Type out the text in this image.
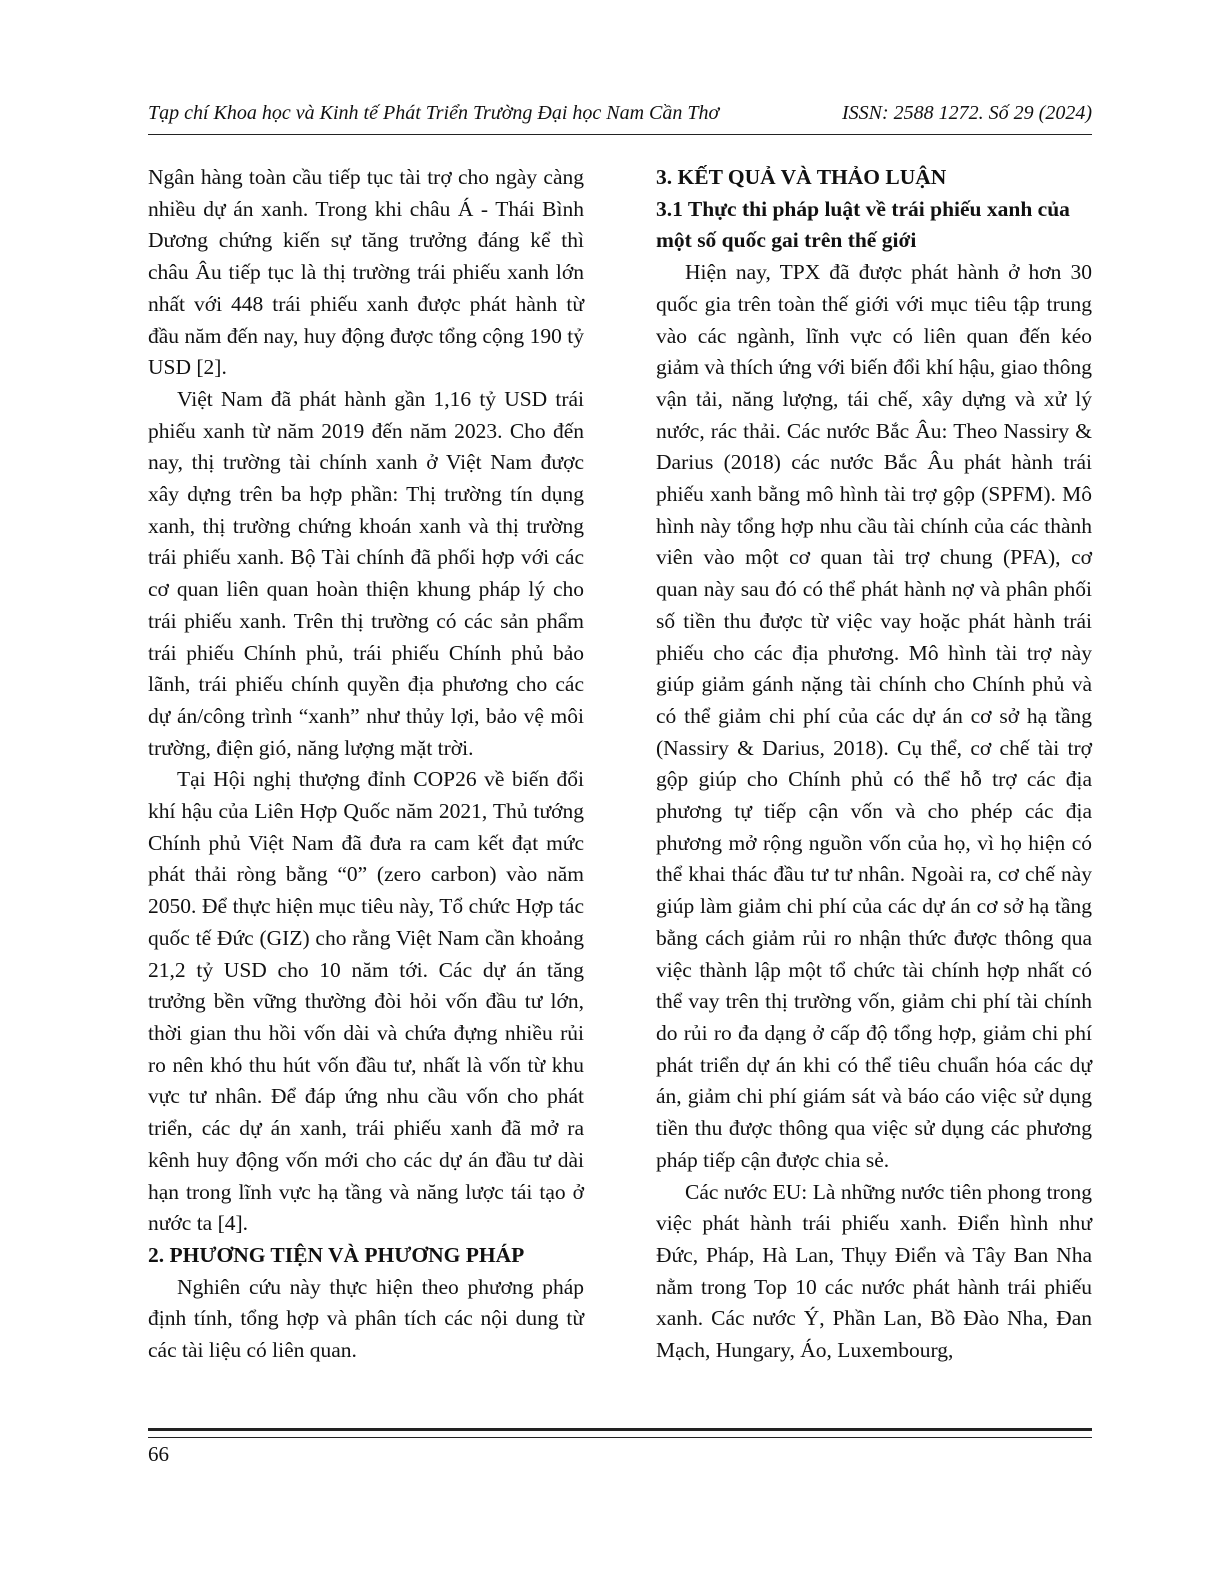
Tạp chí Khoa học và Kinh tế Phát Triển Trường Đại học Nam Cần Thơ	ISSN: 2588 1272. Số 29 (2024)

Ngân hàng toàn cầu tiếp tục tài trợ cho ngày càng nhiều dự án xanh. Trong khi châu Á - Thái Bình Dương chứng kiến sự tăng trưởng đáng kể thì châu Âu tiếp tục là thị trường trái phiếu xanh lớn nhất với 448 trái phiếu xanh được phát hành từ đầu năm đến nay, huy động được tổng cộng 190 tỷ USD [2].

Việt Nam đã phát hành gần 1,16 tỷ USD trái phiếu xanh từ năm 2019 đến năm 2023. Cho đến nay, thị trường tài chính xanh ở Việt Nam được xây dựng trên ba hợp phần: Thị trường tín dụng xanh, thị trường chứng khoán xanh và thị trường trái phiếu xanh. Bộ Tài chính đã phối hợp với các cơ quan liên quan hoàn thiện khung pháp lý cho trái phiếu xanh. Trên thị trường có các sản phẩm trái phiếu Chính phủ, trái phiếu Chính phủ bảo lãnh, trái phiếu chính quyền địa phương cho các dự án/công trình “xanh” như thủy lợi, bảo vệ môi trường, điện gió, năng lượng mặt trời.

Tại Hội nghị thượng đỉnh COP26 về biến đổi khí hậu của Liên Hợp Quốc năm 2021, Thủ tướng Chính phủ Việt Nam đã đưa ra cam kết đạt mức phát thải ròng bằng “0” (zero carbon) vào năm 2050. Để thực hiện mục tiêu này, Tổ chức Hợp tác quốc tế Đức (GIZ) cho rằng Việt Nam cần khoảng 21,2 tỷ USD cho 10 năm tới. Các dự án tăng trưởng bền vững thường đòi hỏi vốn đầu tư lớn, thời gian thu hồi vốn dài và chứa đựng nhiều rủi ro nên khó thu hút vốn đầu tư, nhất là vốn từ khu vực tư nhân. Để đáp ứng nhu cầu vốn cho phát triển, các dự án xanh, trái phiếu xanh đã mở ra kênh huy động vốn mới cho các dự án đầu tư dài hạn trong lĩnh vực hạ tầng và năng lược tái tạo ở nước ta [4].

2. PHƯƠNG TIỆN VÀ PHƯƠNG PHÁP

Nghiên cứu này thực hiện theo phương pháp định tính, tổng hợp và phân tích các nội dung từ các tài liệu có liên quan.

3. KẾT QUẢ VÀ THẢO LUẬN
3.1 Thực thi pháp luật về trái phiếu xanh của một số quốc gai trên thế giới

Hiện nay, TPX đã được phát hành ở hơn 30 quốc gia trên toàn thế giới với mục tiêu tập trung vào các ngành, lĩnh vực có liên quan đến kéo giảm và thích ứng với biến đổi khí hậu, giao thông vận tải, năng lượng, tái chế, xây dựng và xử lý nước, rác thải. Các nước Bắc Âu: Theo Nassiry & Darius (2018) các nước Bắc Âu phát hành trái phiếu xanh bằng mô hình tài trợ gộp (SPFM). Mô hình này tổng hợp nhu cầu tài chính của các thành viên vào một cơ quan tài trợ chung (PFA), cơ quan này sau đó có thể phát hành nợ và phân phối số tiền thu được từ việc vay hoặc phát hành trái phiếu cho các địa phương. Mô hình tài trợ này giúp giảm gánh nặng tài chính cho Chính phủ và có thể giảm chi phí của các dự án cơ sở hạ tầng (Nassiry & Darius, 2018). Cụ thể, cơ chế tài trợ gộp giúp cho Chính phủ có thể hỗ trợ các địa phương tự tiếp cận vốn và cho phép các địa phương mở rộng nguồn vốn của họ, vì họ hiện có thể khai thác đầu tư tư nhân. Ngoài ra, cơ chế này giúp làm giảm chi phí của các dự án cơ sở hạ tầng bằng cách giảm rủi ro nhận thức được thông qua việc thành lập một tổ chức tài chính hợp nhất có thể vay trên thị trường vốn, giảm chi phí tài chính do rủi ro đa dạng ở cấp độ tổng hợp, giảm chi phí phát triển dự án khi có thể tiêu chuẩn hóa các dự án, giảm chi phí giám sát và báo cáo việc sử dụng tiền thu được thông qua việc sử dụng các phương pháp tiếp cận được chia sẻ.

Các nước EU: Là những nước tiên phong trong việc phát hành trái phiếu xanh. Điển hình như Đức, Pháp, Hà Lan, Thụy Điển và Tây Ban Nha nằm trong Top 10 các nước phát hành trái phiếu xanh. Các nước Ý, Phần Lan, Bồ Đào Nha, Đan Mạch, Hungary, Áo, Luxembourg,

66
